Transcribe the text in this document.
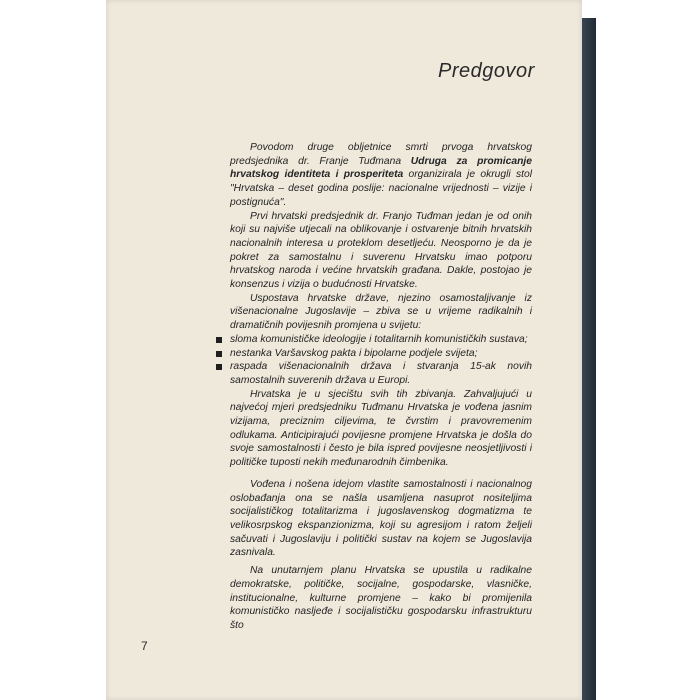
Predgovor

Povodom druge obljetnice smrti prvoga hrvatskog predsjednika dr. Franje Tuđmana Udruga za promicanje hrvatskog identiteta i prosperiteta organizirala je okrugli stol "Hrvatska – deset godina poslije: nacionalne vrijednosti – vizije i postignuća".

Prvi hrvatski predsjednik dr. Franjo Tuđman jedan je od onih koji su najviše utjecali na oblikovanje i ostvarenje bitnih hrvatskih nacionalnih interesa u proteklom desetljeću. Neosporno je da je pokret za samostalnu i suverenu Hrvatsku imao potporu hrvatskog naroda i većine hrvatskih građana. Dakle, postojao je konsenzus i vizija o budućnosti Hrvatske.

Uspostava hrvatske države, njezino osamostaljivanje iz višenacionalne Jugoslavije – zbiva se u vrijeme radikalnih i dramatičnih povijesnih promjena u svijetu:

sloma komunističke ideologije i totalitarnih komunističkih sustava;
nestanka Varšavskog pakta i bipolarne podjele svijeta;
raspada višenacionalnih država i stvaranja 15-ak novih samostalnih suverenih država u Europi.

Hrvatska je u sjecištu svih tih zbivanja. Zahvaljujući u najvećoj mjeri predsjedniku Tuđmanu Hrvatska je vođena jasnim vizijama, preciznim ciljevima, te čvrstim i pravovremenim odlukama. Anticipirajući povijesne promjene Hrvatska je došla do svoje samostalnosti i često je bila ispred povijesne neosjetljivosti i političke tuposti nekih međunarodnih čimbenika.

Vođena i nošena idejom vlastite samostalnosti i nacionalnog oslobađanja ona se našla usamljena nasuprot nositeljima socijalističkog totalitarizma i jugoslavenskog dogmatizma te velikosrpskog ekspanzionizma, koji su agresijom i ratom željeli sačuvati i Jugoslaviju i politički sustav na kojem se Jugoslavija zasnivala.

Na unutarnjem planu Hrvatska se upustila u radikalne demokratske, političke, socijalne, gospodarske, vlasničke, institucionalne, kulturne promjene – kako bi promijenila komunističko nasljeđe i socijalističku gospodarsku infrastrukturu što

7
